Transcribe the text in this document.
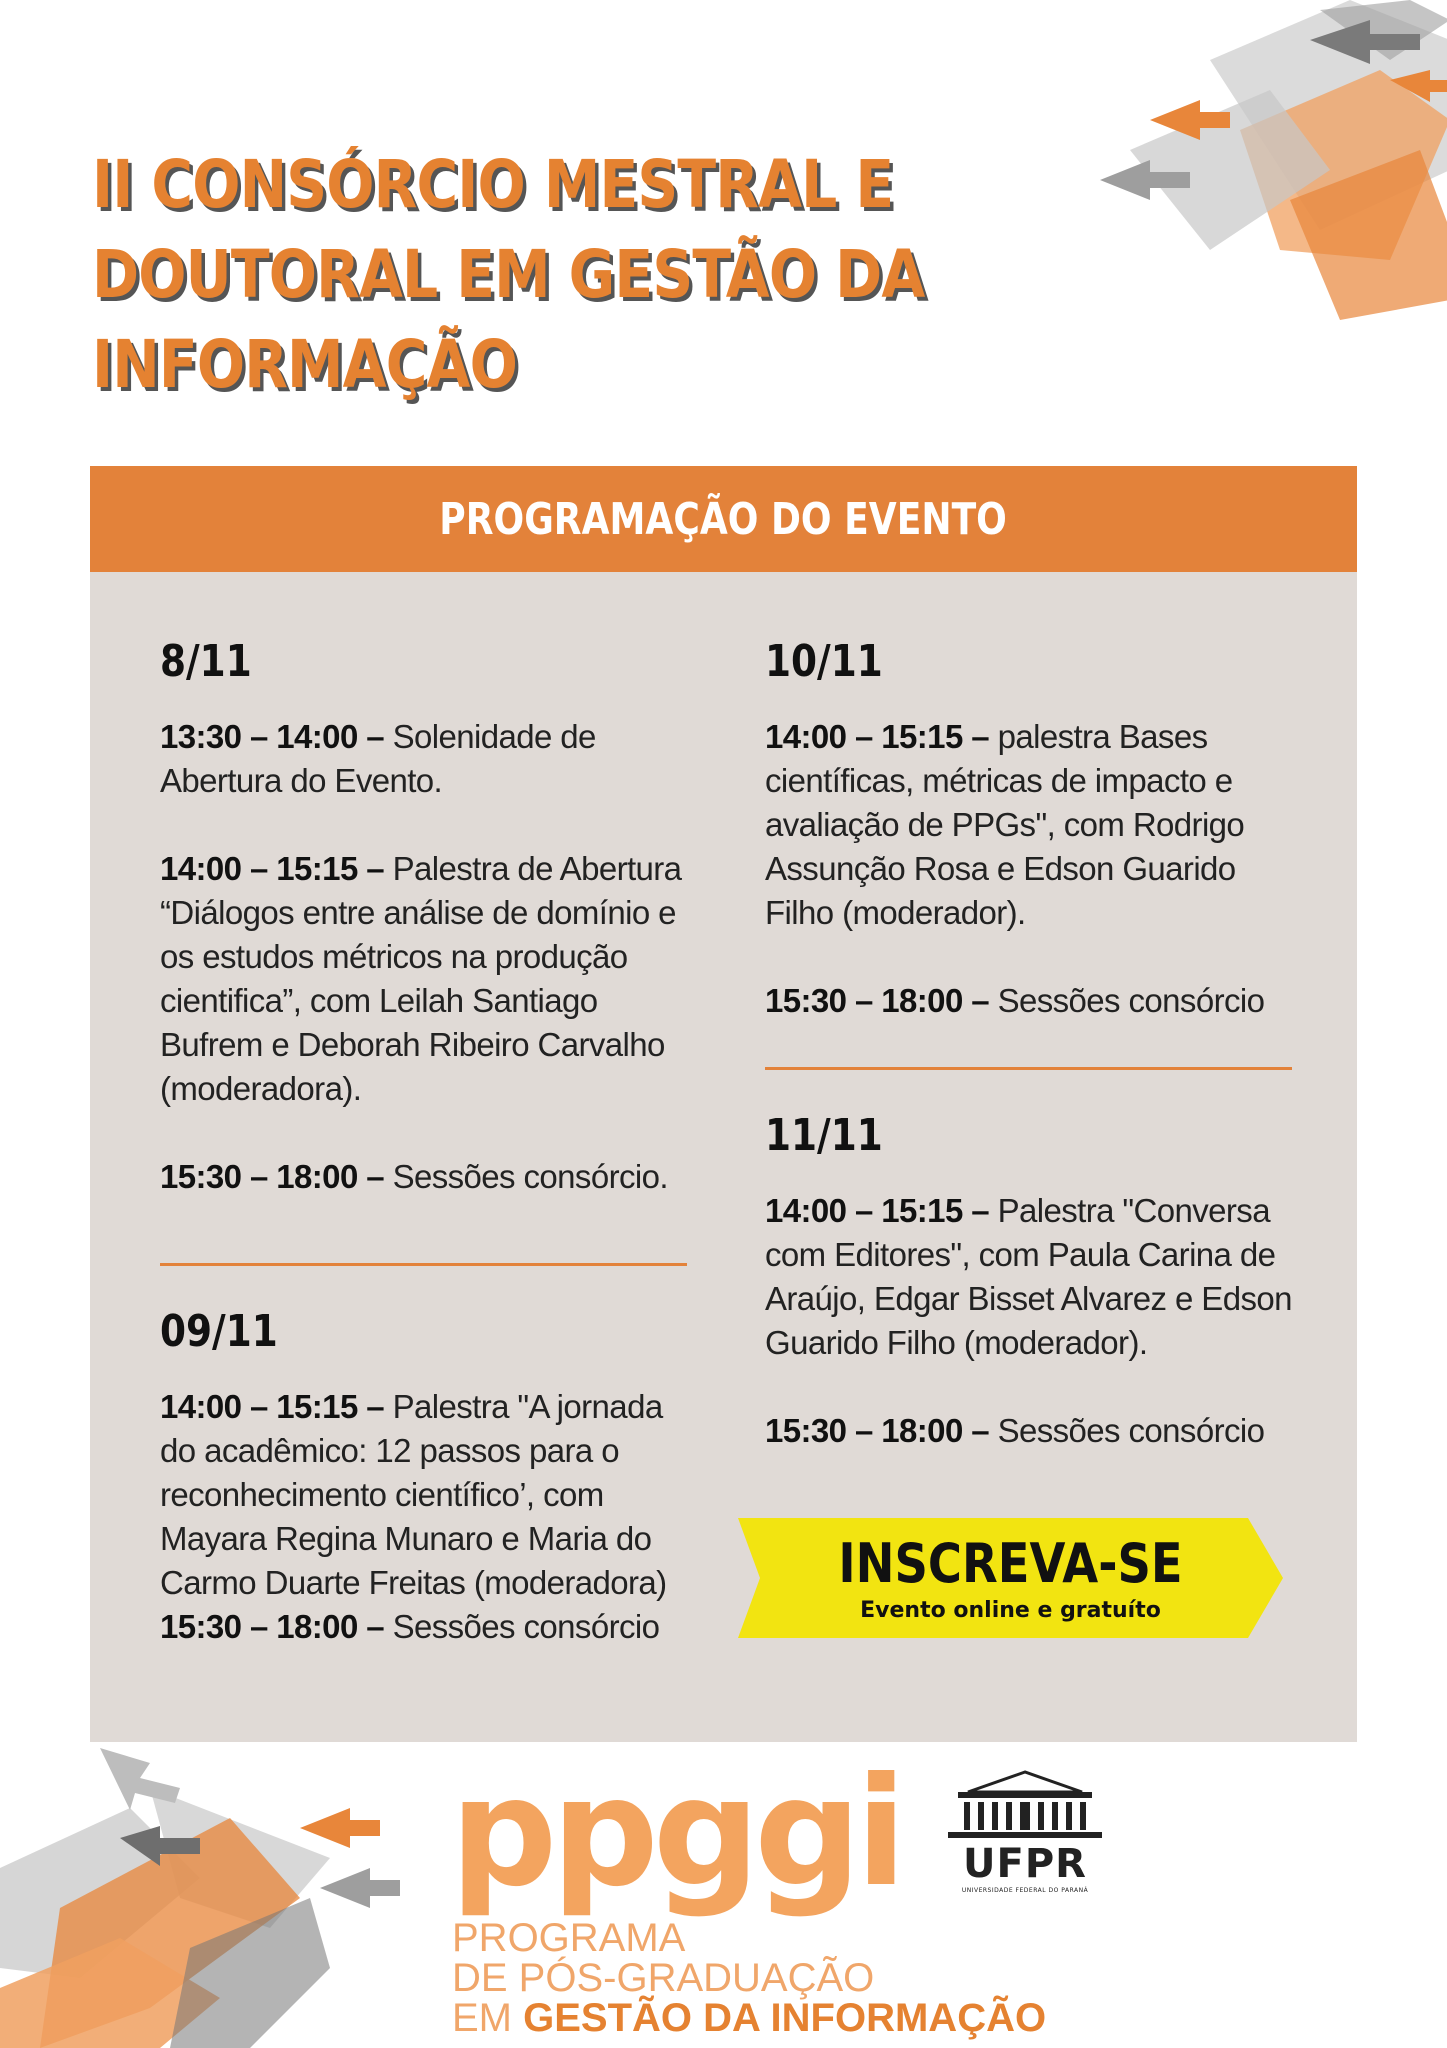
II CONSÓRCIO MESTRAL E
DOUTORAL EM GESTÃO DA
INFORMAÇÃO
PROGRAMAÇÃO DO EVENTO
8/11

13:30 – 14:00 – Solenidade de Abertura do Evento.

14:00 – 15:15 – Palestra de Abertura “Diálogos entre análise de domínio e os estudos métricos na produção cientifica”, com Leilah Santiago Bufrem e Deborah Ribeiro Carvalho (moderadora).

15:30 – 18:00 – Sessões consórcio.

09/11

14:00 – 15:15 – Palestra "A jornada do acadêmico: 12 passos para o reconhecimento científico’, com Mayara Regina Munaro e Maria do Carmo Duarte Freitas (moderadora)

15:30 – 18:00 – Sessões consórcio

10/11

14:00 – 15:15 – palestra Bases científicas, métricas de impacto e avaliação de PPGs", com Rodrigo Assunção Rosa e Edson Guarido Filho (moderador).

15:30 – 18:00 – Sessões consórcio

11/11

14:00 – 15:15 – Palestra "Conversa com Editores", com Paula Carina de Araújo, Edgar Bisset Alvarez e Edson Guarido Filho (moderador).

15:30 – 18:00 – Sessões consórcio

INSCREVA-SE
Evento online e gratuíto
ppggi
PROGRAMA
DE PÓS-GRADUAÇÃO
EM GESTÃO DA INFORMAÇÃO
UFPR
UNIVERSIDADE FEDERAL DO PARANÁ
